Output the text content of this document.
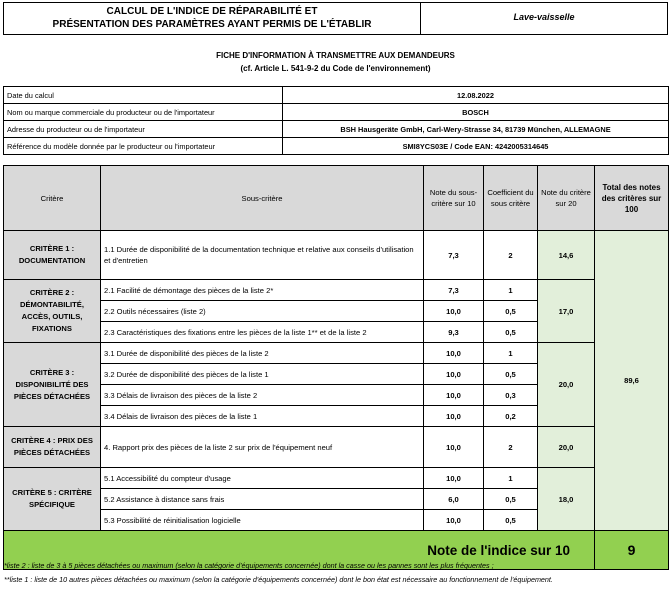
CALCUL DE L'INDICE DE RÉPARABILITÉ ET
PRÉSENTATION DES PARAMÈTRES AYANT PERMIS DE L'ÉTABLIR
Lave-vaisselle
FICHE D'INFORMATION À TRANSMETTRE AUX DEMANDEURS
(cf. Article L. 541-9-2 du Code de l'environnement)
Date du calcul	12.08.2022
Nom ou marque commerciale du producteur ou de l'importateur	BOSCH
Adresse du producteur ou de l'importateur	BSH Hausgeräte GmbH, Carl-Wery-Strasse 34, 81739 München, ALLEMAGNE
Référence du modèle donnée par le producteur ou l'importateur	SMI8YCS03E / Code EAN: 4242005314645
Critère	Sous-critère	Note du sous-critère sur 10	Coefficient du sous critère	Note du critère sur 20	Total des notes des critères sur 100
CRITÈRE 1 : DOCUMENTATION	1.1 Durée de disponibilité de la documentation technique et relative aux conseils d'utilisation et d'entretien	7,3	2	14,6	89,6
CRITÈRE 2 : DÉMONTABILITÉ, ACCÈS, OUTILS, FIXATIONS	2.1 Facilité de démontage des pièces de la liste 2*	7,3	1	17,0	
	2.2 Outils nécessaires (liste 2)	10,0	0,5		
	2.3 Caractéristiques des fixations entre les pièces de la liste 1** et de la liste 2	9,3	0,5		
CRITÈRE 3 : DISPONIBILITÉ DES PIÈCES DÉTACHÉES	3.1 Durée de disponibilité des pièces de la liste 2	10,0	1	20,0	
	3.2 Durée de disponibilité des pièces de la liste 1	10,0	0,5		
	3.3 Délais de livraison des pièces de la liste 2	10,0	0,3		
	3.4 Délais de livraison des pièces de la liste 1	10,0	0,2		
CRITÈRE 4 : PRIX DES PIÈCES DÉTACHÉES	4. Rapport prix des pièces de la liste 2 sur prix de l'équipement neuf	10,0	2	20,0	
CRITÈRE 5 : CRITÈRE SPÉCIFIQUE	5.1 Accessibilité du compteur d'usage	10,0	1	18,0	
	5.2 Assistance à distance sans frais	6,0	0,5		
	5.3 Possibilité de réinitialisation logicielle	10,0	0,5		
Note de l'indice sur 10					9
*liste 2 : liste de 3 à 5 pièces détachées ou maximum (selon la catégorie d'équipements concernée) dont la casse ou les pannes sont les plus fréquentes ;
**liste 1 : liste de 10 autres pièces détachées ou maximum (selon la catégorie d'équipements concernée) dont le bon état est nécessaire au fonctionnement de l'équipement.
